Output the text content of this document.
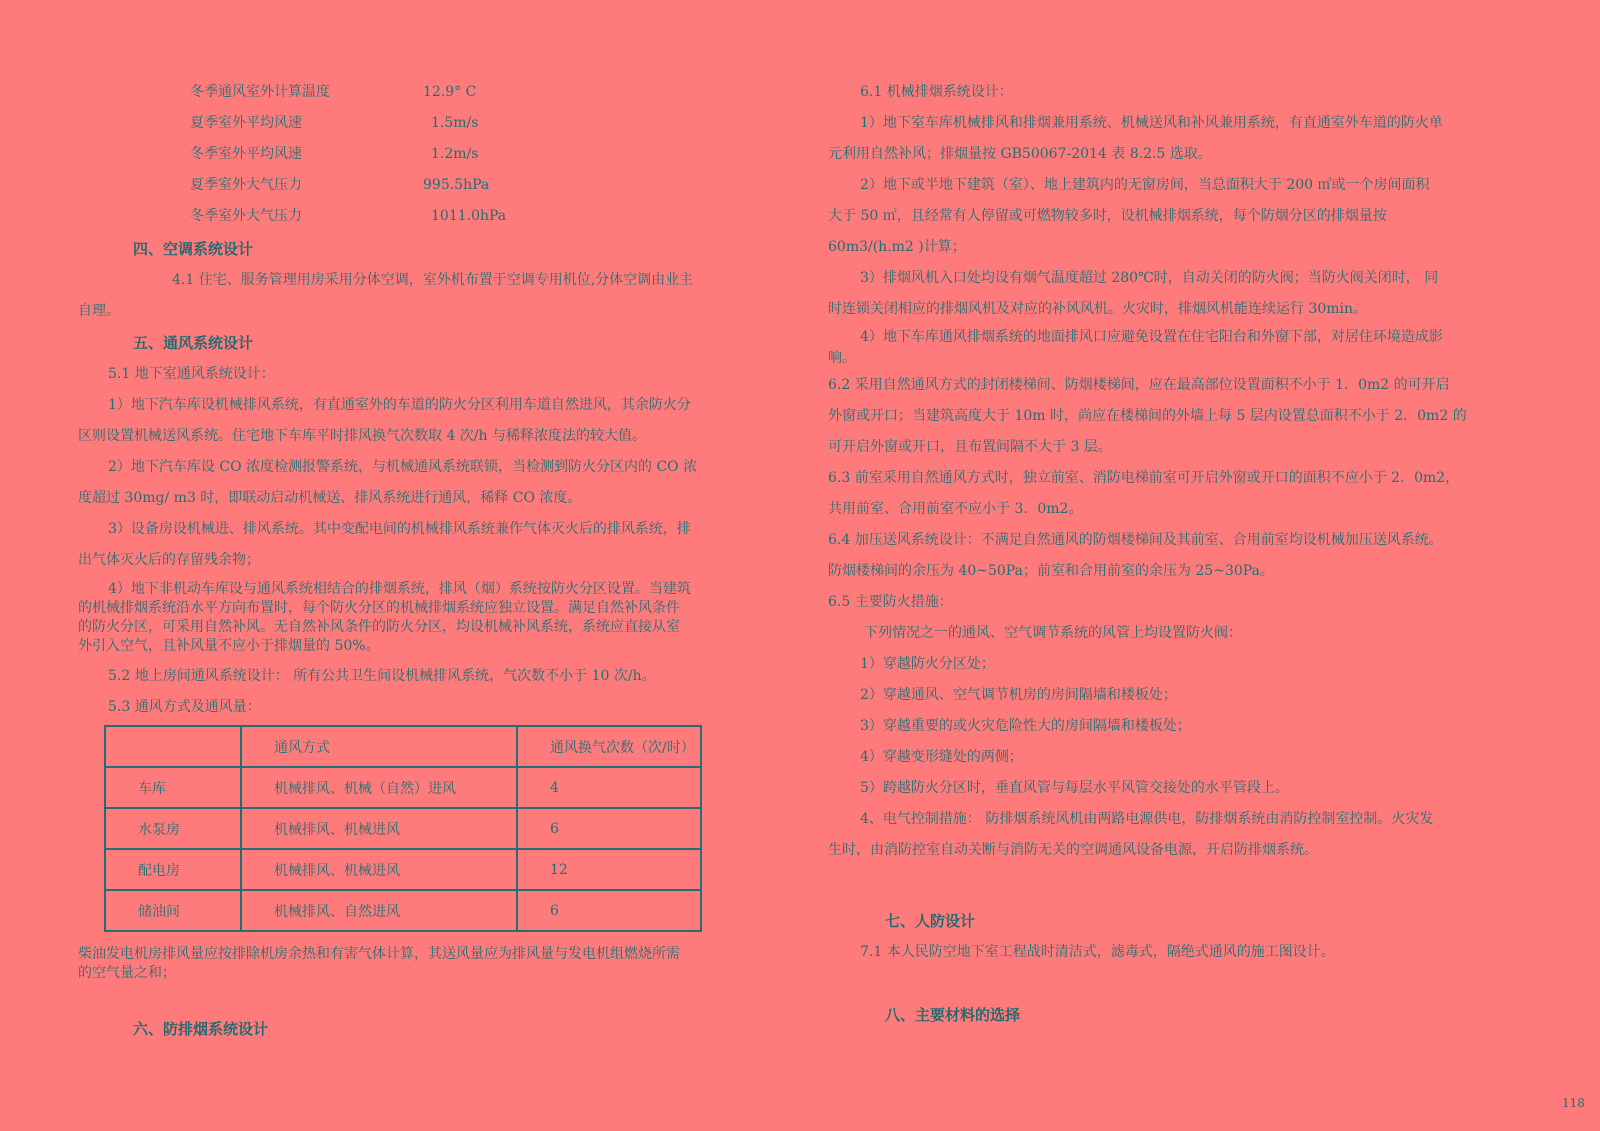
冬季通风室外计算温度	12.9° C
夏季室外平均风速	1.5m/s
冬季室外平均风速	1.2m/s
夏季室外大气压力	995.5hPa
冬季室外大气压力	1011.0hPa
四、空调系统设计
4.1 住宅、服务管理用房采用分体空调，室外机布置于空调专用机位,分体空调由业主
自理。
五、通风系统设计
5.1 地下室通风系统设计：
1）地下汽车库设机械排风系统，有直通室外的车道的防火分区利用车道自然进风，其余防火分
区则设置机械送风系统。住宅地下车库平时排风换气次数取 4 次/h 与稀释浓度法的较大值。
2）地下汽车库设 CO 浓度检测报警系统，与机械通风系统联锁，当检测到防火分区内的 CO 浓
度超过 30mg/ m3 时，即联动启动机械送、排风系统进行通风，稀释 CO 浓度。
3）设备房设机械进、排风系统。其中变配电间的机械排风系统兼作气体灭火后的排风系统，排
出气体灭火后的存留残余物；
4）地下非机动车库设与通风系统相结合的排烟系统，排风（烟）系统按防火分区设置。当建筑
的机械排烟系统沿水平方向布置时，每个防火分区的机械排烟系统应独立设置。满足自然补风条件
的防火分区，可采用自然补风。无自然补风条件的防火分区，均设机械补风系统，系统应直接从室
外引入空气，且补风量不应小于排烟量的 50%。
5.2 地上房间通风系统设计： 所有公共卫生间设机械排风系统，气次数不小于 10 次/h。
5.3 通风方式及通风量：
	通风方式	通风换气次数（次/时）
车库	机械排风、机械（自然）进风	4
水泵房	机械排风、机械进风	6
配电房	机械排风、机械进风	12
储油间	机械排风、自然进风	6
柴油发电机房排风量应按排除机房余热和有害气体计算，其送风量应为排风量与发电机组燃烧所需
的空气量之和；
六、防排烟系统设计
6.1 机械排烟系统设计：
1）地下室车库机械排风和排烟兼用系统、机械送风和补风兼用系统，有直通室外车道的防火单
元利用自然补风；排烟量按 GB50067-2014 表 8.2.5 选取。
2）地下或半地下建筑（室）、地上建筑内的无窗房间，当总面积大于 200 ㎡或一个房间面积
大于 50 ㎡，且经常有人停留或可燃物较多时，设机械排烟系统，每个防烟分区的排烟量按
60m3/(h.m2 )计算；
3）排烟风机入口处均设有烟气温度超过 280℃时，自动关闭的防火阀；当防火阀关闭时， 同
时连锁关闭相应的排烟风机及对应的补风风机。火灾时，排烟风机能连续运行 30min。
4）地下车库通风排烟系统的地面排风口应避免设置在住宅阳台和外窗下部，对居住环境造成影
响。
6.2 采用自然通风方式的封闭楼梯间、防烟楼梯间，应在最高部位设置面积不小于 1．0m2 的可开启
外窗或开口；当建筑高度大于 10m 时，尚应在楼梯间的外墙上每 5 层内设置总面积不小于 2．0m2 的
可开启外窗或开口，且布置间隔不大于 3 层。
6.3 前室采用自然通风方式时，独立前室、消防电梯前室可开启外窗或开口的面积不应小于 2．0m2，
共用前室、合用前室不应小于 3．0m2。
6.4 加压送风系统设计：不满足自然通风的防烟楼梯间及其前室、合用前室均设机械加压送风系统。
防烟楼梯间的余压为 40~50Pa；前室和合用前室的余压为 25~30Pa。
6.5 主要防火措施：
下列情况之一的通风、空气调节系统的风管上均设置防火阀：
1）穿越防火分区处；
2）穿越通风、空气调节机房的房间隔墙和楼板处；
3）穿越重要的或火灾危险性大的房间隔墙和楼板处；
4）穿越变形缝处的两侧；
5）跨越防火分区时，垂直风管与每层水平风管交接处的水平管段上。
4、电气控制措施： 防排烟系统风机由两路电源供电，防排烟系统由消防控制室控制。火灾发
生时，由消防控室自动关断与消防无关的空调通风设备电源，开启防排烟系统。
七、人防设计
7.1 本人民防空地下室工程战时清洁式，滤毒式，隔绝式通风的施工图设计。
八、主要材料的选择
118
